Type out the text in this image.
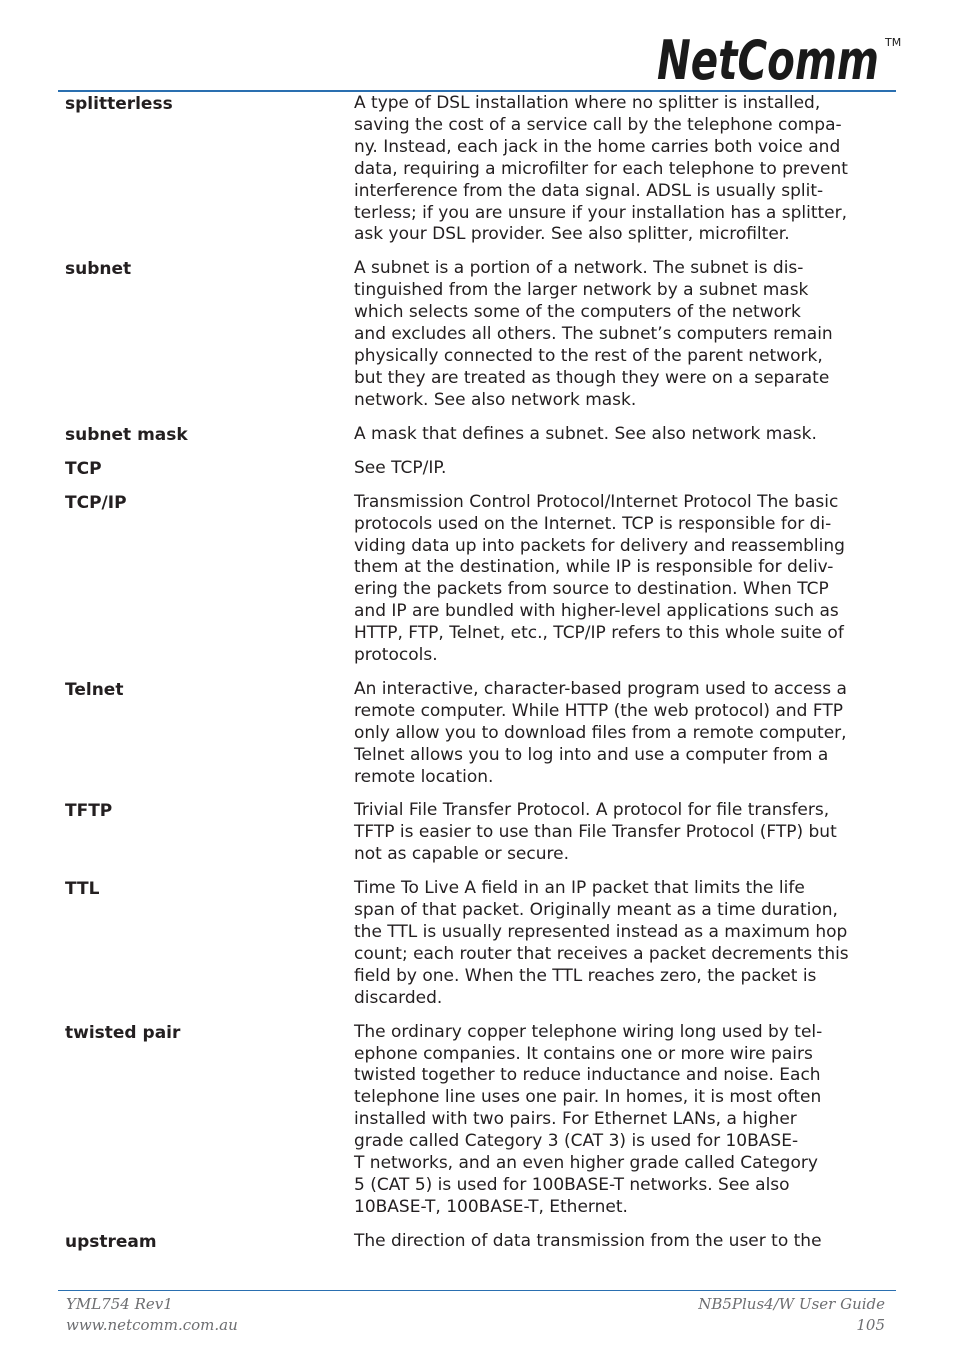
NetComm TM
splitterless	A type of DSL installation where no splitter is installed,
saving the cost of a service call by the telephone compa-
ny. Instead, each jack in the home carries both voice and
data, requiring a microfilter for each telephone to prevent
interference from the data signal. ADSL is usually split-
terless; if you are unsure if your installation has a splitter,
ask your DSL provider. See also splitter, microfilter.
subnet	A subnet is a portion of a network. The subnet is dis-
tinguished from the larger network by a subnet mask
which selects some of the computers of the network
and excludes all others. The subnet’s computers remain
physically connected to the rest of the parent network,
but they are treated as though they were on a separate
network. See also network mask.
subnet mask	A mask that defines a subnet. See also network mask.
TCP	See TCP/IP.
TCP/IP	Transmission Control Protocol/Internet Protocol The basic
protocols used on the Internet. TCP is responsible for di-
viding data up into packets for delivery and reassembling
them at the destination, while IP is responsible for deliv-
ering the packets from source to destination. When TCP
and IP are bundled with higher-level applications such as
HTTP, FTP, Telnet, etc., TCP/IP refers to this whole suite of
protocols.
Telnet	An interactive, character-based program used to access a
remote computer. While HTTP (the web protocol) and FTP
only allow you to download files from a remote computer,
Telnet allows you to log into and use a computer from a
remote location.
TFTP	Trivial File Transfer Protocol. A protocol for file transfers,
TFTP is easier to use than File Transfer Protocol (FTP) but
not as capable or secure.
TTL	Time To Live A field in an IP packet that limits the life
span of that packet. Originally meant as a time duration,
the TTL is usually represented instead as a maximum hop
count; each router that receives a packet decrements this
field by one. When the TTL reaches zero, the packet is
discarded.
twisted pair	The ordinary copper telephone wiring long used by tel-
ephone companies. It contains one or more wire pairs
twisted together to reduce inductance and noise. Each
telephone line uses one pair. In homes, it is most often
installed with two pairs. For Ethernet LANs, a higher
grade called Category 3 (CAT 3) is used for 10BASE-
T networks, and an even higher grade called Category
5 (CAT 5) is used for 100BASE-T networks. See also
10BASE-T, 100BASE-T, Ethernet.
upstream	The direction of data transmission from the user to the
YML754 Rev1
www.netcomm.com.au
NB5Plus4/W User Guide
105
